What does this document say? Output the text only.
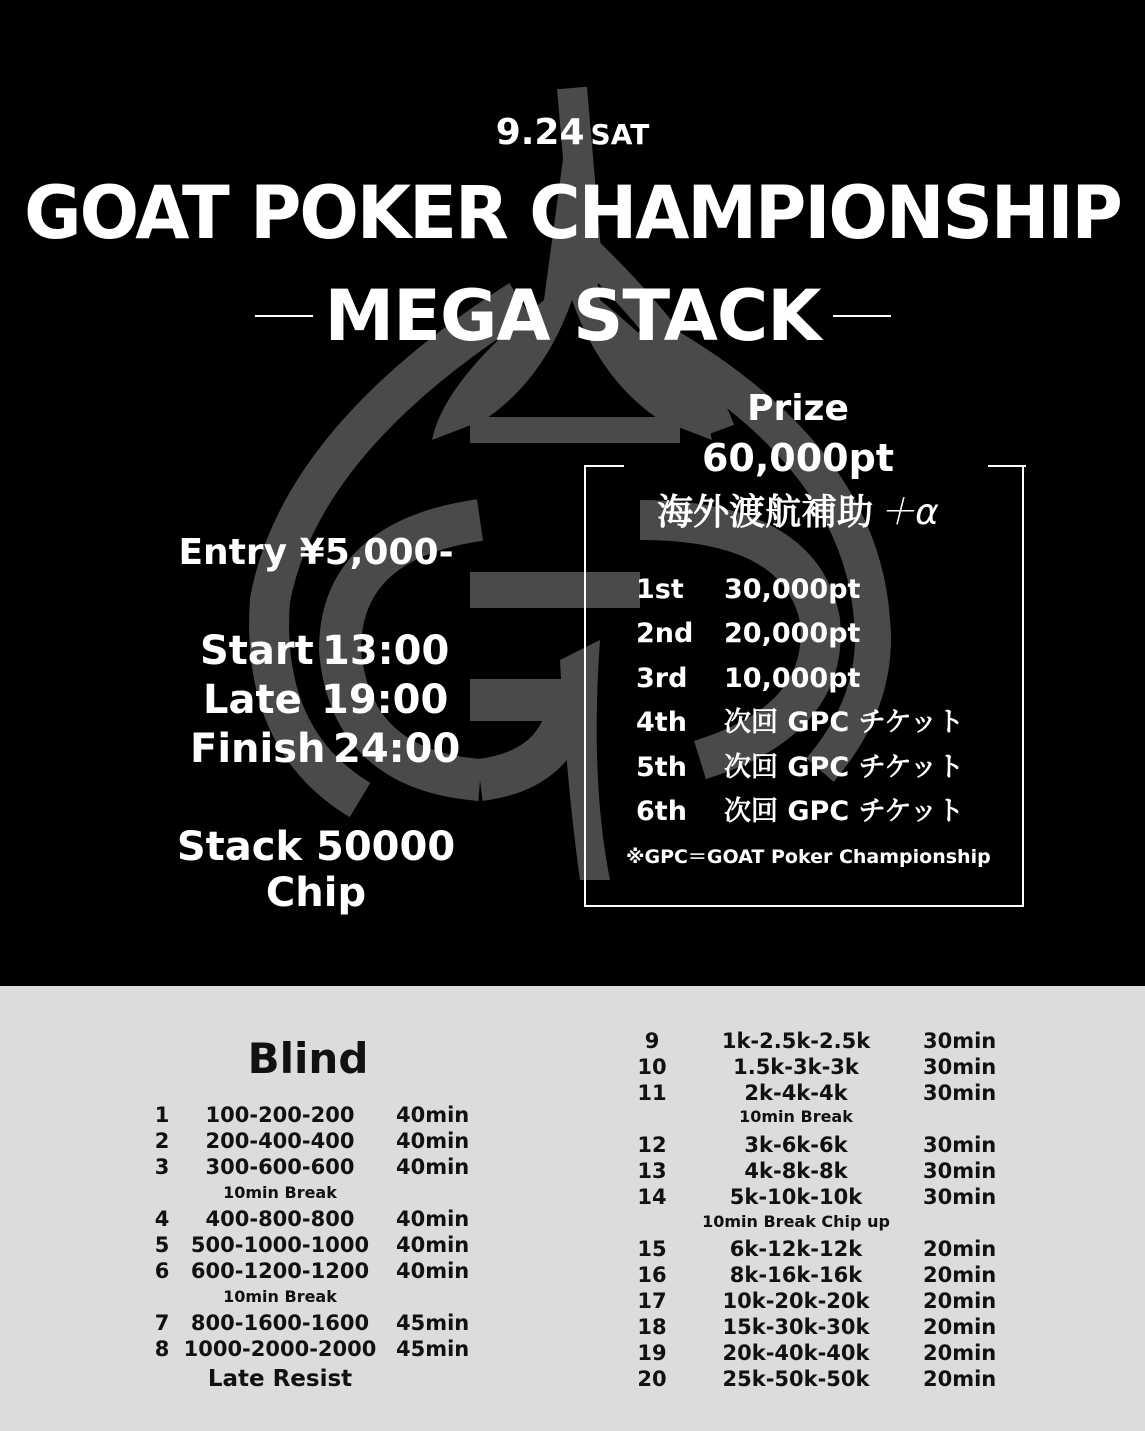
9.24 SAT
GOAT POKER CHAMPIONSHIP
MEGA STACK
Entry ¥5,000-
Start 13:00
Late 19:00
Finish 24:00
Stack 50000 Chip
Prize
60,000pt
海外渡航補助 ＋α
1st 30,000pt
2nd 20,000pt
3rd 10,000pt
4th 次回 GPC チケット
5th 次回 GPC チケット
6th 次回 GPC チケット
※GPC＝GOAT Poker Championship
Blind
1	100-200-200	40min
2	200-400-400	40min
3	300-600-600	40min
10min Break
4	400-800-800	40min
5	500-1000-1000	40min
6	600-1200-1200	40min
10min Break
7	800-1600-1600	45min
8 1000-2000-2000 45min
Late Resist
9	1k-2.5k-2.5k	30min
10	1.5k-3k-3k	30min
11	2k-4k-4k	30min
10min Break
12	3k-6k-6k	30min
13	4k-8k-8k	30min
14	5k-10k-10k	30min
10min Break Chip up
15	6k-12k-12k	20min
16	8k-16k-16k	20min
17	10k-20k-20k	20min
18	15k-30k-30k	20min
19	20k-40k-40k	20min
20	25k-50k-50k	20min
